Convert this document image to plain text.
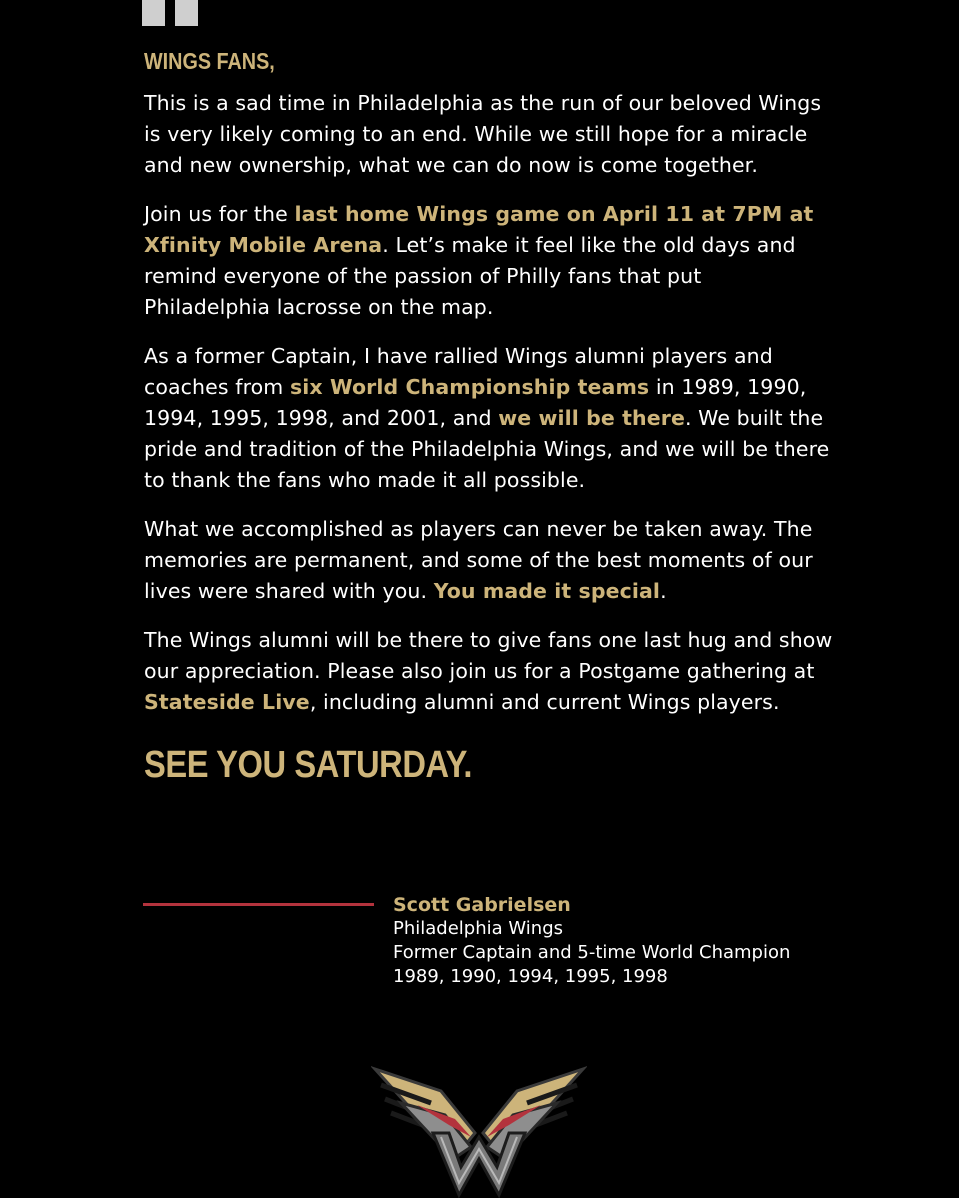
WINGS FANS,
This is a sad time in Philadelphia as the run of our beloved Wings is very likely coming to an end. While we still hope for a miracle and new ownership, what we can do now is come together.
Join us for the last home Wings game on April 11 at 7PM at Xfinity Mobile Arena. Let’s make it feel like the old days and remind everyone of the passion of Philly fans that put Philadelphia lacrosse on the map.
As a former Captain, I have rallied Wings alumni players and coaches from six World Championship teams in 1989, 1990, 1994, 1995, 1998, and 2001, and we will be there. We built the pride and tradition of the Philadelphia Wings, and we will be there to thank the fans who made it all possible.
What we accomplished as players can never be taken away. The memories are permanent, and some of the best moments of our lives were shared with you. You made it special.
The Wings alumni will be there to give fans one last hug and show our appreciation. Please also join us for a Postgame gathering at Stateside Live, including alumni and current Wings players.
SEE YOU SATURDAY.
Scott Gabrielsen
Philadelphia Wings
Former Captain and 5-time World Champion
1989, 1990, 1994, 1995, 1998
